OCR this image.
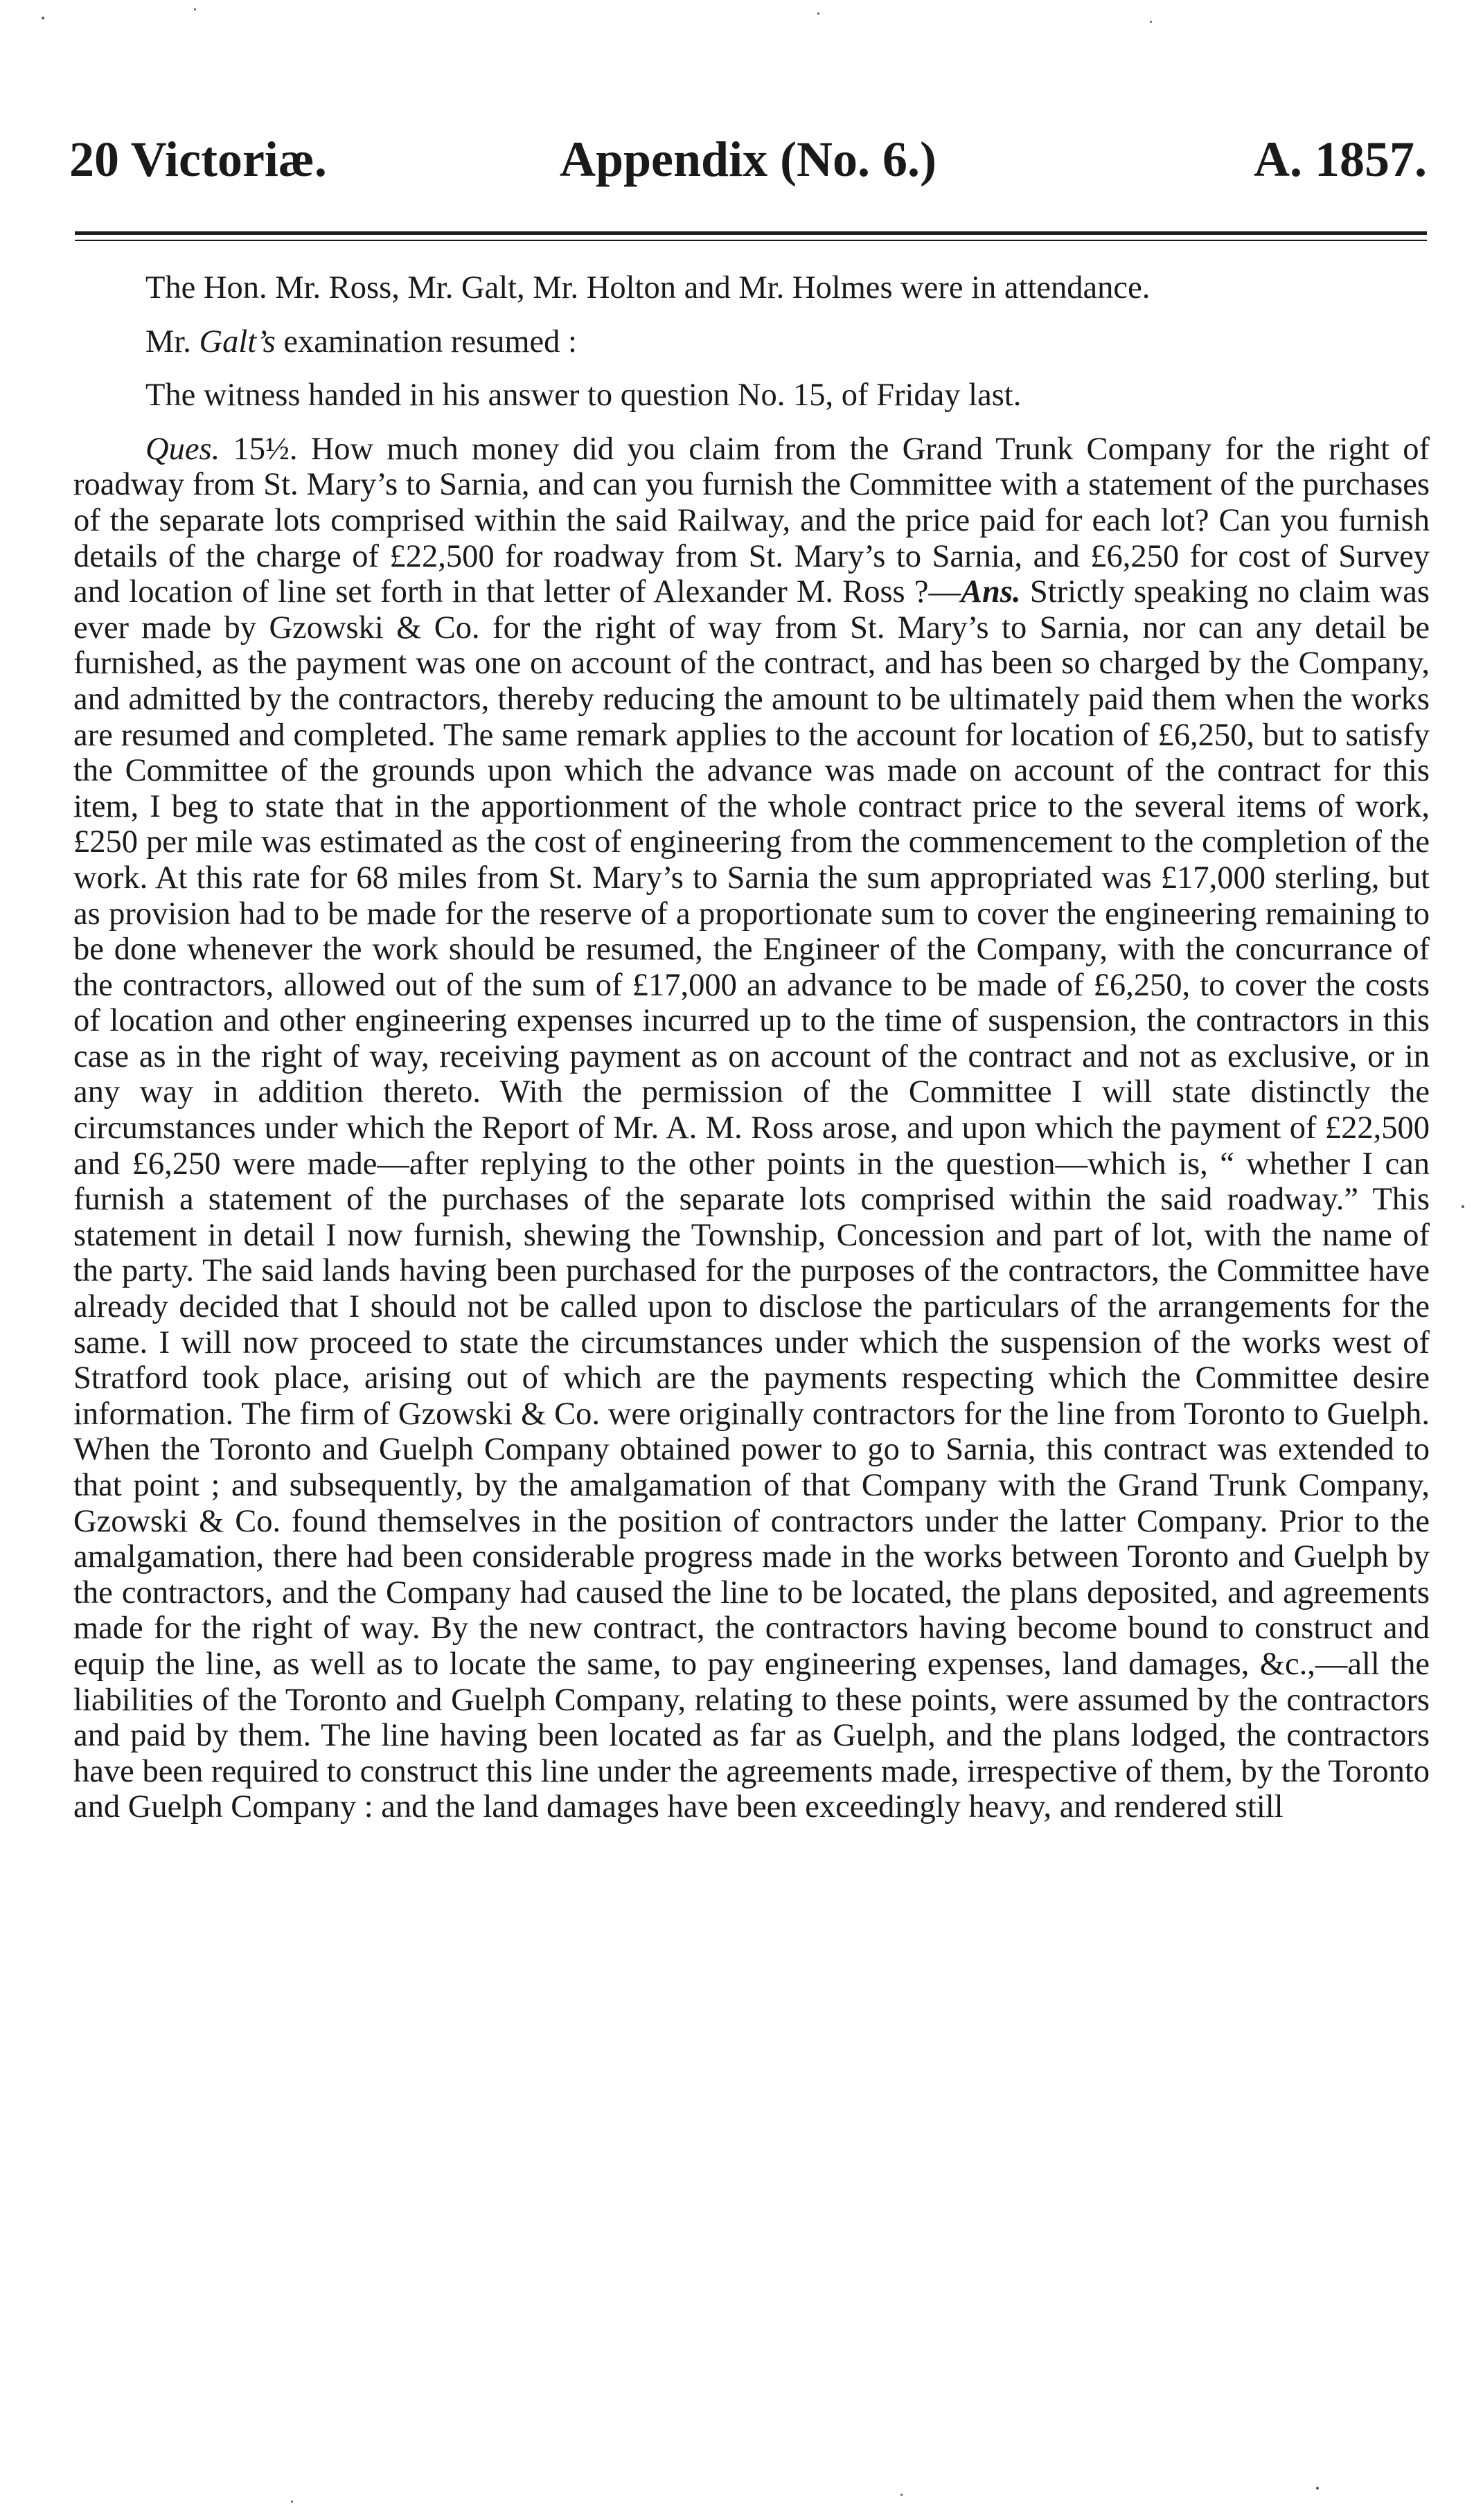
20 Victoriæ.	Appendix (No. 6.)	A. 1857.

The Hon. Mr. Ross, Mr. Galt, Mr. Holton and Mr. Holmes were in attendance.

Mr. Galt’s examination resumed :

The witness handed in his answer to question No. 15, of Friday last.

Ques. 15½. How much money did you claim from the Grand Trunk Company for the right of roadway from St. Mary’s to Sarnia, and can you furnish the Committee with a statement of the purchases of the separate lots comprised within the said Railway, and the price paid for each lot? Can you furnish details of the charge of £22,500 for roadway from St. Mary’s to Sarnia, and £6,250 for cost of Survey and location of line set forth in that letter of Alexander M. Ross ?—Ans. Strictly speaking no claim was ever made by Gzowski & Co. for the right of way from St. Mary’s to Sarnia, nor can any detail be furnished, as the payment was one on account of the contract, and has been so charged by the Company, and admitted by the contractors, thereby reducing the amount to be ultimately paid them when the works are resumed and completed. The same remark applies to the account for location of £6,250, but to satisfy the Committee of the grounds upon which the advance was made on account of the contract for this item, I beg to state that in the apportionment of the whole contract price to the several items of work, £250 per mile was estimated as the cost of engineering from the commencement to the completion of the work. At this rate for 68 miles from St. Mary’s to Sarnia the sum appropriated was £17,000 sterling, but as provision had to be made for the reserve of a proportionate sum to cover the engineering remaining to be done whenever the work should be resumed, the Engineer of the Company, with the concurrance of the contractors, allowed out of the sum of £17,000 an advance to be made of £6,250, to cover the costs of location and other engineering expenses incurred up to the time of suspension, the contractors in this case as in the right of way, receiving payment as on account of the contract and not as exclusive, or in any way in addition thereto. With the permission of the Committee I will state distinctly the circumstances under which the Report of Mr. A. M. Ross arose, and upon which the payment of £22,500 and £6,250 were made—after replying to the other points in the question—which is, “ whether I can furnish a statement of the purchases of the separate lots comprised within the said roadway.” This statement in detail I now furnish, shewing the Township, Concession and part of lot, with the name of the party. The said lands having been purchased for the purposes of the contractors, the Committee have already decided that I should not be called upon to disclose the particulars of the arrangements for the same. I will now proceed to state the circumstances under which the suspension of the works west of Stratford took place, arising out of which are the payments respecting which the Committee desire information. The firm of Gzowski & Co. were originally contractors for the line from Toronto to Guelph. When the Toronto and Guelph Company obtained power to go to Sarnia, this contract was extended to that point ; and subsequently, by the amalgamation of that Company with the Grand Trunk Company, Gzowski & Co. found themselves in the position of contractors under the latter Company. Prior to the amalgamation, there had been considerable progress made in the works between Toronto and Guelph by the contractors, and the Company had caused the line to be located, the plans deposited, and agreements made for the right of way. By the new contract, the contractors having become bound to construct and equip the line, as well as to locate the same, to pay engineering expenses, land damages, &c.,—all the liabilities of the Toronto and Guelph Company, relating to these points, were assumed by the contractors and paid by them. The line having been located as far as Guelph, and the plans lodged, the contractors have been required to construct this line under the agreements made, irrespective of them, by the Toronto and Guelph Company : and the land damages have been exceedingly heavy, and rendered still
